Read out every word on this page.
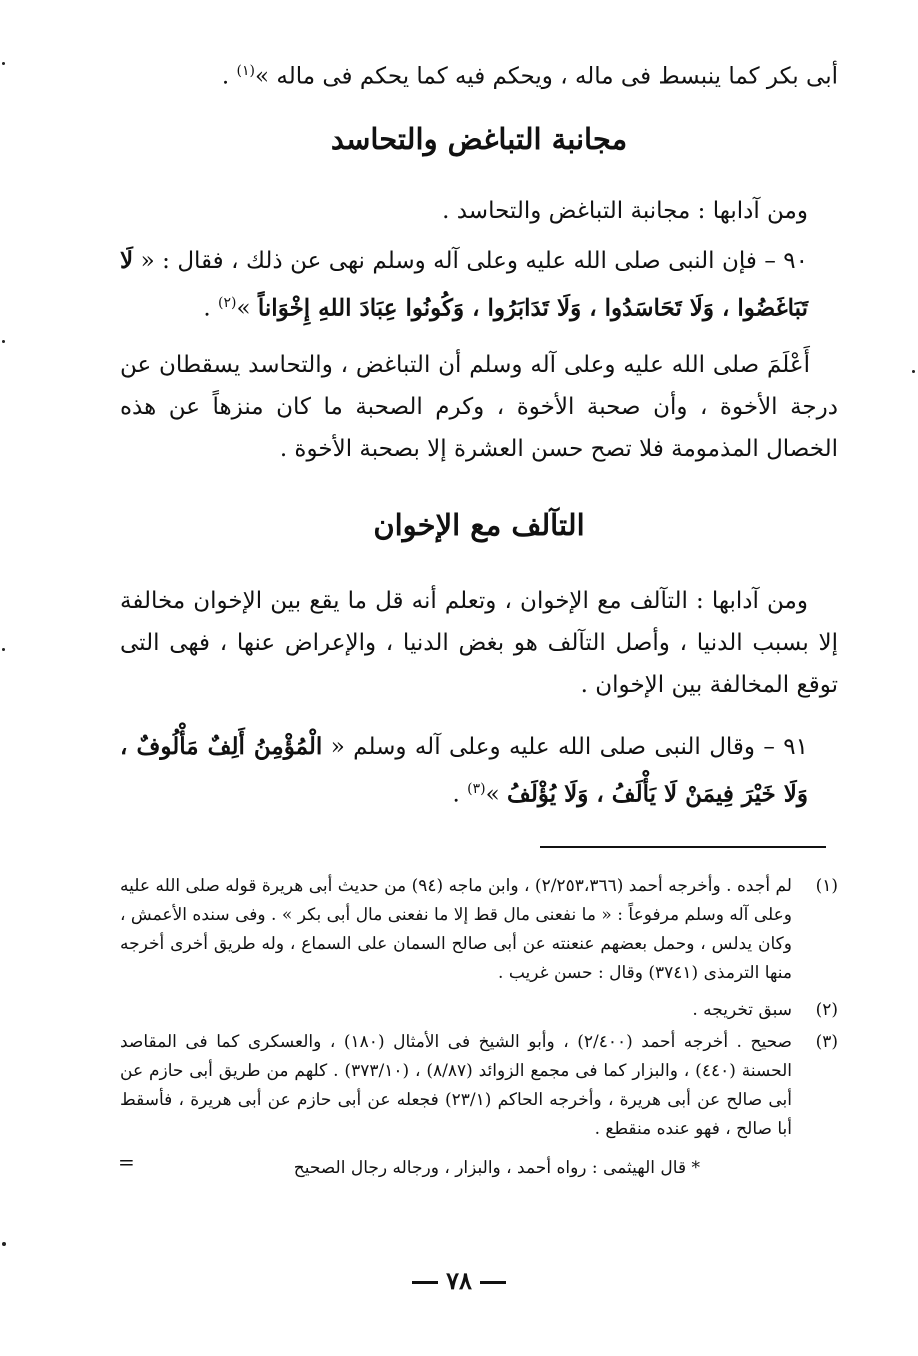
أبى بكر كما ينبسط فى ماله ، ويحكم فيه كما يحكم فى ماله »$^{(١)}$ .
مجانبة التباغض والتحاسد
ومن آدابها : مجانبة التباغض والتحاسد .
٩٠ – فإن النبى صلى الله عليه وعلى آله وسلم نهى عن ذلك ، فقال : « لَا تَبَاغَضُوا ، وَلَا تَحَاسَدُوا ، وَلَا تَدَابَرُوا ، وَكُونُوا عِبَادَ اللهِ إِخْوَاناً »$^{(٢)}$ .
أَعْلَمَ صلى الله عليه وعلى آله وسلم أن التباغض ، والتحاسد يسقطان عن درجة الأخوة ، وأن صحبة الأخوة ، وكرم الصحبة ما كان منزهاً عن هذه الخصال المذمومة فلا تصح حسن العشرة إلا بصحبة الأخوة .
التآلف مع الإخوان
ومن آدابها : التآلف مع الإخوان ، وتعلم أنه قل ما يقع بين الإخوان مخالفة إلا بسبب الدنيا ، وأصل التآلف هو بغض الدنيا ، والإعراض عنها ، فهى التى توقع المخالفة بين الإخوان .
٩١ – وقال النبى صلى الله عليه وعلى آله وسلم « الْمُؤْمِنُ أَلِفٌ مَأْلُوفٌ ، وَلَا خَيْرَ فِيمَنْ لَا يَأْلَفُ ، وَلَا يُؤْلَفُ »$^{(٣)}$ .
(١)
لم أجده . وأخرجه أحمد (٢/٢٥٣،٣٦٦) ، وابن ماجه (٩٤) من حديث أبى هريرة قوله صلى الله عليه وعلى آله وسلم مرفوعاً : « ما نفعنى مال قط إلا ما نفعنى مال أبى بكر » . وفى سنده الأعمش ، وكان يدلس ، وحمل بعضهم عنعنته عن أبى صالح السمان على السماع ، وله طريق أخرى أخرجه منها الترمذى (٣٧٤١) وقال : حسن غريب .
(٢)
سبق تخريجه .
(٣)
صحيح . أخرجه أحمد (٢/٤٠٠) ، وأبو الشيخ فى الأمثال (١٨٠) ، والعسكرى كما فى المقاصد الحسنة (٤٤٠) ، والبزار كما فى مجمع الزوائد (٨/٨٧) ، (٣٧٣/١٠) . كلهم من طريق أبى حازم عن أبى صالح عن أبى هريرة ، وأخرجه الحاكم (٢٣/١) فجعله عن أبى حازم عن أبى هريرة ، فأسقط أبا صالح ، فهو عنده منقطع .
* قال الهيثمى : رواه أحمد ، والبزار ، ورجاله رجال الصحيح
=
٧٨
